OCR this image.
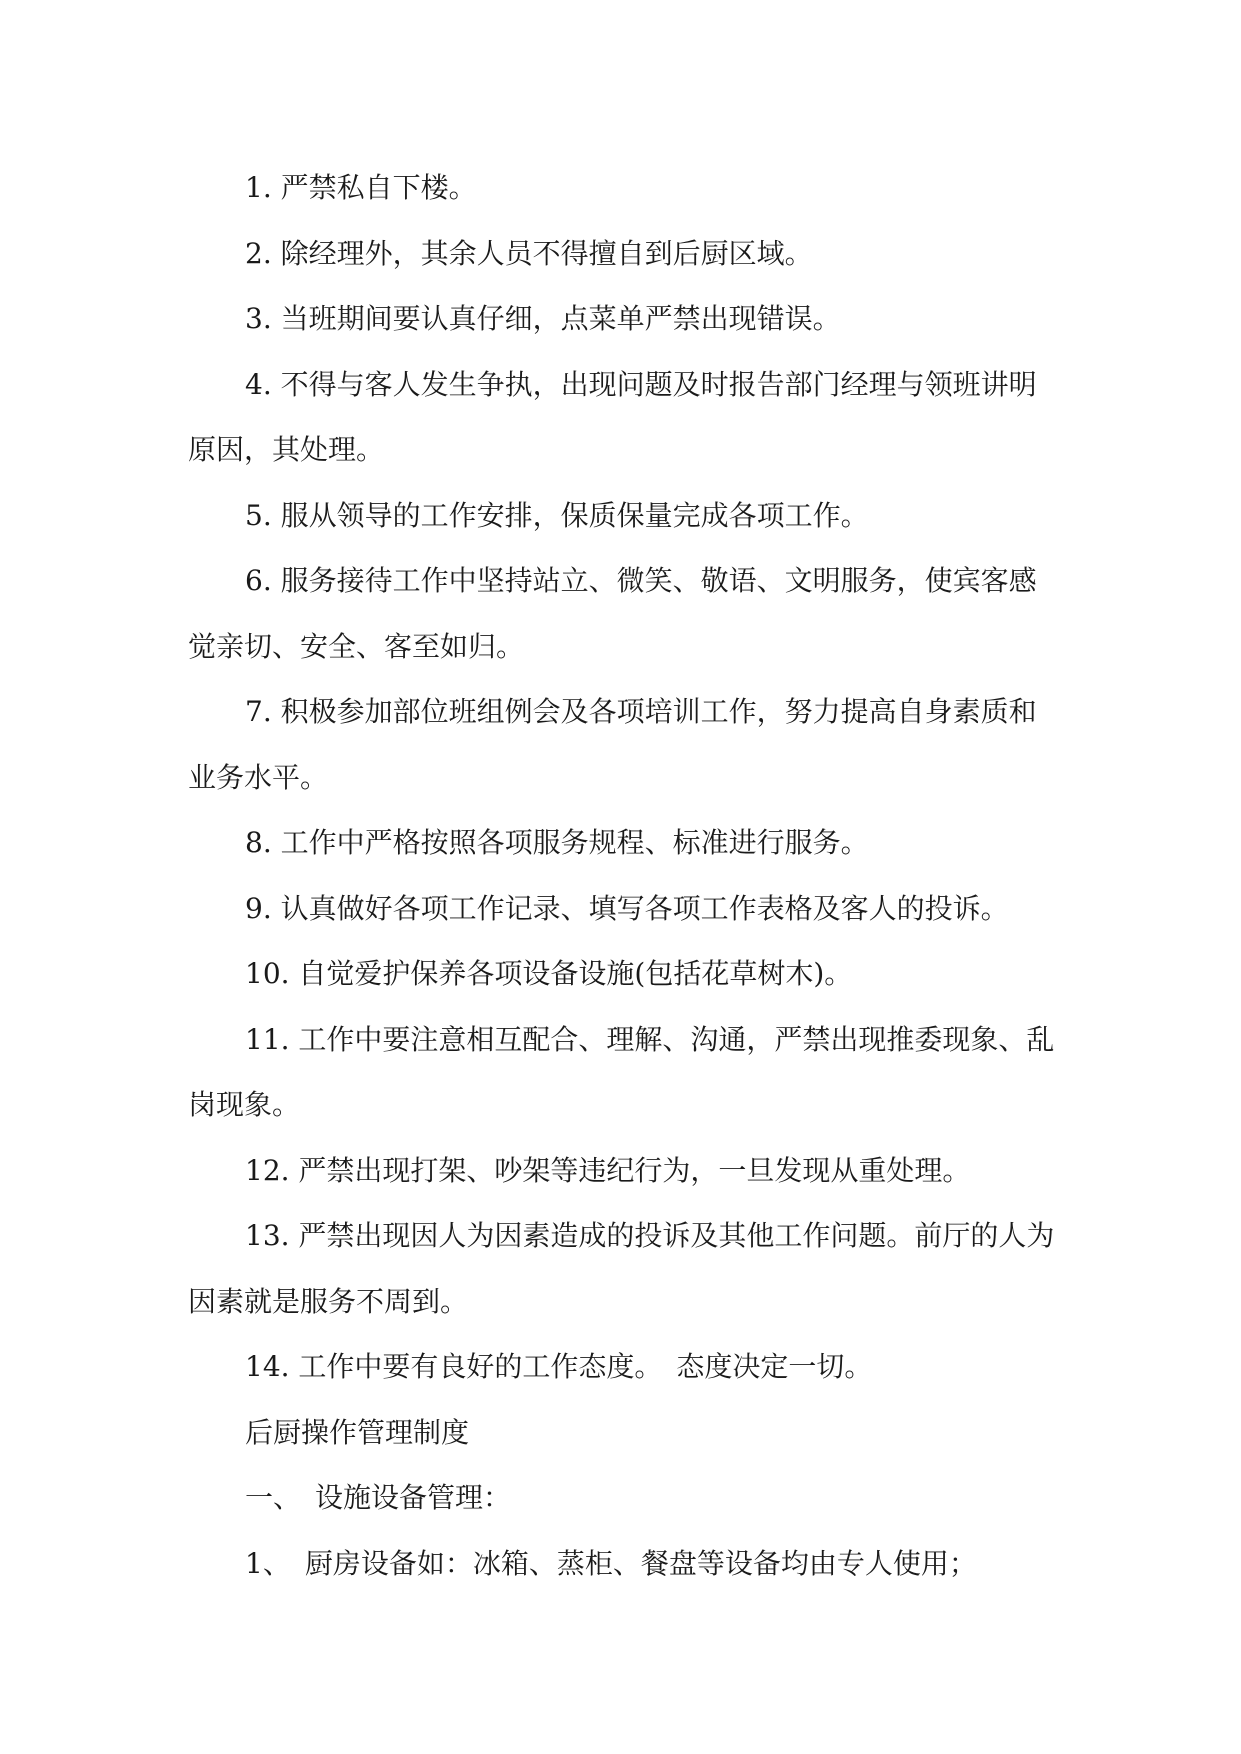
1. 严禁私自下楼。

2. 除经理外，其余人员不得擅自到后厨区域。

3. 当班期间要认真仔细，点菜单严禁出现错误。

4. 不得与客人发生争执，出现问题及时报告部门经理与领班讲明原因，其处理。

5. 服从领导的工作安排，保质保量完成各项工作。

6. 服务接待工作中坚持站立、微笑、敬语、文明服务，使宾客感觉亲切、安全、客至如归。

7. 积极参加部位班组例会及各项培训工作，努力提高自身素质和业务水平。

8. 工作中严格按照各项服务规程、标准进行服务。

9. 认真做好各项工作记录、填写各项工作表格及客人的投诉。

10. 自觉爱护保养各项设备设施(包括花草树木)。

11. 工作中要注意相互配合、理解、沟通，严禁出现推委现象、乱岗现象。

12. 严禁出现打架、吵架等违纪行为，一旦发现从重处理。

13. 严禁出现因人为因素造成的投诉及其他工作问题。前厅的人为因素就是服务不周到。

14. 工作中要有良好的工作态度。　态度决定一切。

后厨操作管理制度

一、　设施设备管理：

1、　厨房设备如：冰箱、蒸柜、餐盘等设备均由专人使用；
